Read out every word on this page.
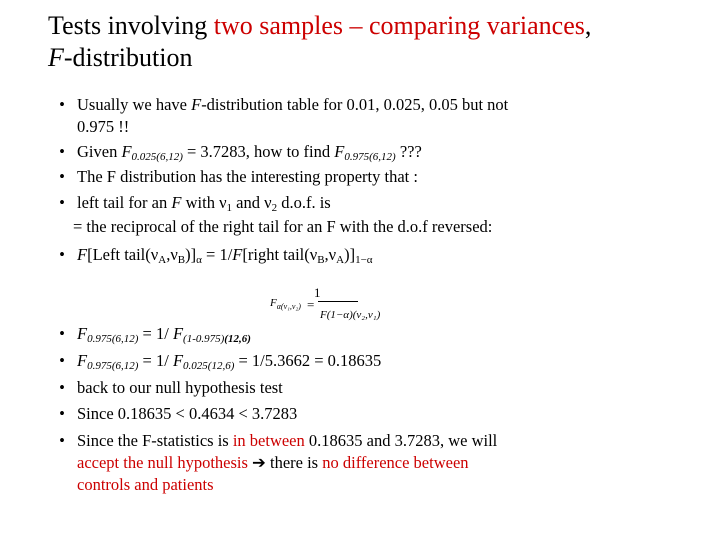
Tests involving two samples – comparing variances,
F-distribution
• Usually we have F-distribution table for 0.01, 0.025, 0.05 but not
0.975 !!
• Given $F_{0.025(6,12)} = 3.7283$, how to find $F_{0.975(6,12)}$ ???
• The F distribution has the interesting property that :
• left tail for an F with $\nu_1$ and $\nu_2$ d.o.f. is
= the reciprocal of the right tail for an F with the d.o.f reversed:
• F[Left $tail(\nu_A,\nu_B)]_\alpha$ = 1/F[right $tail(\nu_B,\nu_A)]_{1-\alpha}$
1
$F_{\alpha(v_1,v_2)}$ =
F(1−α)(v₂,v₁)
• $F_{0.975(6,12)} = 1/$ $F_{(1-0.975)(12,6)}$
• $F_{0.975(6,12)} = 1/$ $F_{0.025(12,6)} = 1/5.3662 = 0.18635$
• back to our null hypothesis test
• Since 0.18635 < 0.4634 < 3.7283
• Since the F-statistics is in between 0.18635 and 3.7283, we will
accept the null hypothesis ➔ there is no difference between
controls and patients
